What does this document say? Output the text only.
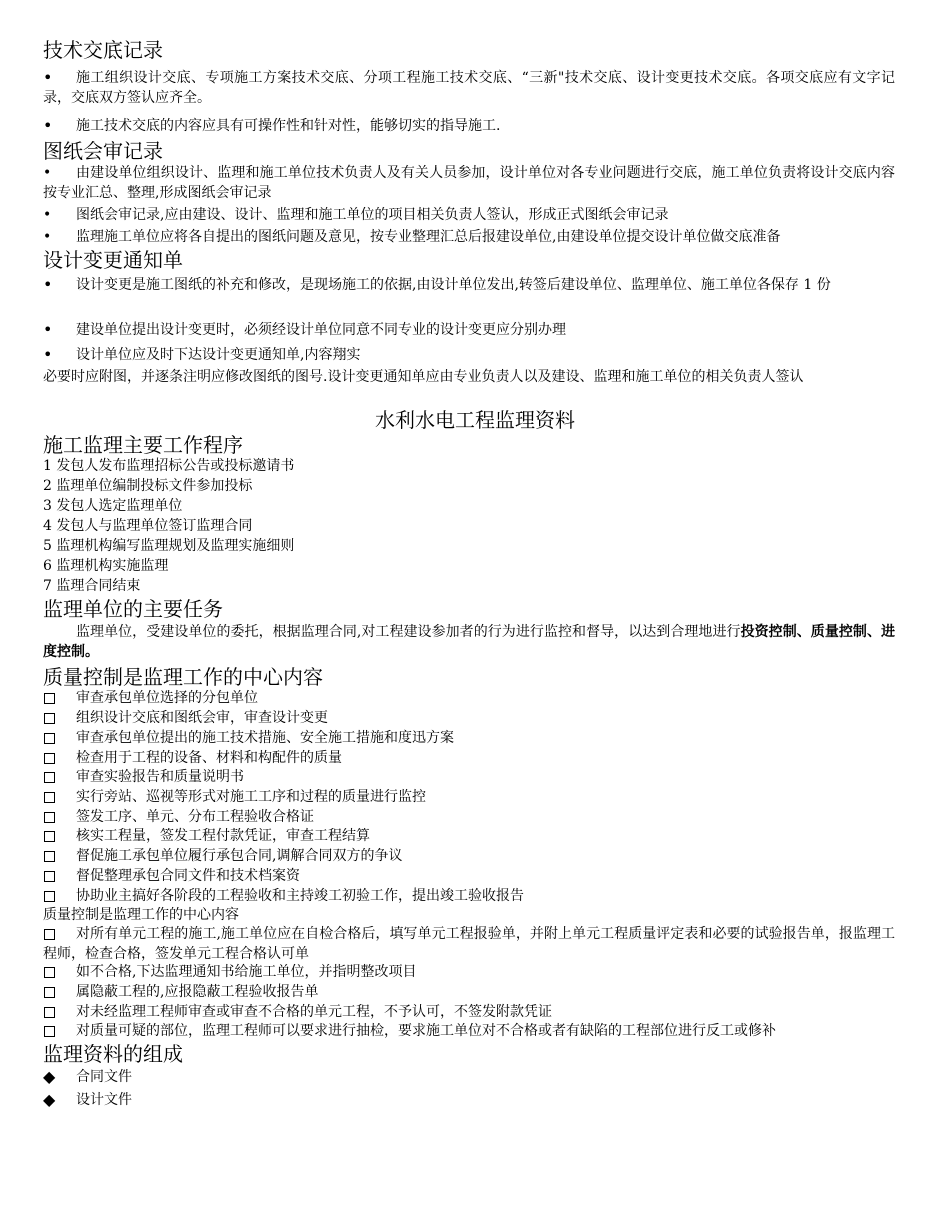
技术交底记录
•	施工组织设计交底、专项施工方案技术交底、分项工程施工技术交底、“三新"技术交底、设计变更技术交底。各项交底应有文字记录，交底双方签认应齐全。
•	施工技术交底的内容应具有可操作性和针对性，能够切实的指导施工.
图纸会审记录
•	由建设单位组织设计、监理和施工单位技术负责人及有关人员参加，设计单位对各专业问题进行交底，施工单位负责将设计交底内容按专业汇总、整理,形成图纸会审记录
•	图纸会审记录,应由建设、设计、监理和施工单位的项目相关负责人签认，形成正式图纸会审记录
•	监理施工单位应将各自提出的图纸问题及意见，按专业整理汇总后报建设单位,由建设单位提交设计单位做交底准备
设计变更通知单
•	设计变更是施工图纸的补充和修改，是现场施工的依据,由设计单位发出,转签后建设单位、监理单位、施工单位各保存 1 份
•	建设单位提出设计变更时，必须经设计单位同意不同专业的设计变更应分别办理
•	设计单位应及时下达设计变更通知单,内容翔实
必要时应附图，并逐条注明应修改图纸的图号.设计变更通知单应由专业负责人以及建设、监理和施工单位的相关负责人签认
水利水电工程监理资料
施工监理主要工作程序
1 发包人发布监理招标公告或投标邀请书
2 监理单位编制投标文件参加投标
3 发包人选定监理单位
4 发包人与监理单位签订监理合同
5 监理机构编写监理规划及监理实施细则
6 监理机构实施监理
7 监理合同结束
监理单位的主要任务
监理单位，受建设单位的委托，根据监理合同,对工程建设参加者的行为进行监控和督导，以达到合理地进行投资控制、质量控制、进度控制。
质量控制是监理工作的中心内容
审查承包单位选择的分包单位
组织设计交底和图纸会审，审查设计变更
审查承包单位提出的施工技术措施、安全施工措施和度迅方案
检查用于工程的设备、材料和构配件的质量
审查实验报告和质量说明书
实行旁站、巡视等形式对施工工序和过程的质量进行监控
签发工序、单元、分布工程验收合格证
核实工程量，签发工程付款凭证，审查工程结算
督促施工承包单位履行承包合同,调解合同双方的争议
督促整理承包合同文件和技术档案资
协助业主搞好各阶段的工程验收和主持竣工初验工作，提出竣工验收报告
质量控制是监理工作的中心内容
对所有单元工程的施工,施工单位应在自检合格后，填写单元工程报验单，并附上单元工程质量评定表和必要的试验报告单，报监理工程师，检查合格，签发单元工程合格认可单
如不合格,下达监理通知书给施工单位，并指明整改项目
属隐蔽工程的,应报隐蔽工程验收报告单
对未经监理工程师审查或审查不合格的单元工程，不予认可，不签发附款凭证
对质量可疑的部位，监理工程师可以要求进行抽检，要求施工单位对不合格或者有缺陷的工程部位进行反工或修补
监理资料的组成
◆	合同文件
◆	设计文件
